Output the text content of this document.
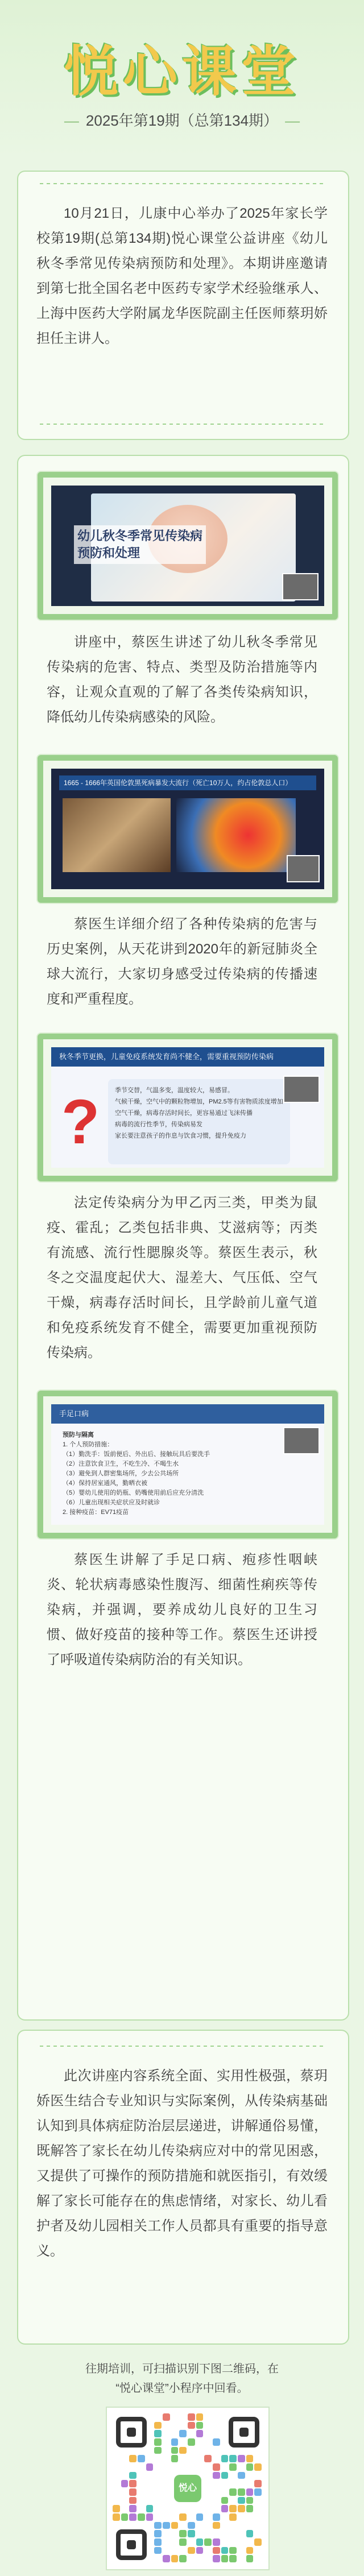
悦心课堂
— 2025年第19期（总第134期） —
10月21日，儿康中心举办了2025年家长学校第19期(总第134期)悦心课堂公益讲座《幼儿秋冬季常见传染病预防和处理》。本期讲座邀请到第七批全国名老中医药专家学术经验继承人、上海中医药大学附属龙华医院副主任医师蔡玥娇担任主讲人。
幼儿秋冬季常见传染病预防和处理
讲座中，蔡医生讲述了幼儿秋冬季常见传染病的危害、特点、类型及防治措施等内容，让观众直观的了解了各类传染病知识，降低幼儿传染病感染的风险。
1665 - 1666年英国伦敦黑死病暴发大流行（死亡10万人，约占伦敦总人口）
蔡医生详细介绍了各种传染病的危害与历史案例，从天花讲到2020年的新冠肺炎全球大流行，大家切身感受过传染病的传播速度和严重程度。
秋冬季节更换，儿童免疫系统发育尚不健全，需要重视预防传染病
? 季节交替，气温多变，温度较大，易感冒。
气候干燥，空气中的颗粒物增加，PM2.5等有害物质浓度增加
空气干燥，病毒存活时间长，更容易通过飞沫传播
病毒的流行性季节，传染病易发
家长要注意孩子的作息与饮食习惯，提升免疫力
法定传染病分为甲乙丙三类，甲类为鼠疫、霍乱；乙类包括非典、艾滋病等；丙类有流感、流行性腮腺炎等。蔡医生表示，秋冬之交温度起伏大、湿差大、气压低、空气干燥，病毒存活时间长，且学龄前儿童气道和免疫系统发育不健全，需要更加重视预防传染病。
手足口病
预防与隔离
1. 个人预防措施：
（1）勤洗手：饭前便后、外出后、接触玩具后要洗手
（2）注意饮食卫生，不吃生冷、不喝生水
（3）避免到人群密集场所，少去公共场所
（4）保持居室通风，勤晒衣被
（5）婴幼儿使用的奶瓶、奶嘴使用前后应充分清洗
（6）儿童出现相关症状应及时就诊
2. 接种疫苗：EV71疫苗
蔡医生讲解了手足口病、疱疹性咽峡炎、轮状病毒感染性腹泻、细菌性痢疾等传染病，并强调，要养成幼儿良好的卫生习惯、做好疫苗的接种等工作。蔡医生还讲授了呼吸道传染病防治的有关知识。
此次讲座内容系统全面、实用性极强，蔡玥娇医生结合专业知识与实际案例，从传染病基础认知到具体病症防治层层递进，讲解通俗易懂，既解答了家长在幼儿传染病应对中的常见困惑，又提供了可操作的预防措施和就医指引，有效缓解了家长可能存在的焦虑情绪，对家长、幼儿看护者及幼儿园相关工作人员都具有重要的指导意义。
往期培训，可扫描识别下图二维码，在
“悦心课堂”小程序中回看。
悦心
